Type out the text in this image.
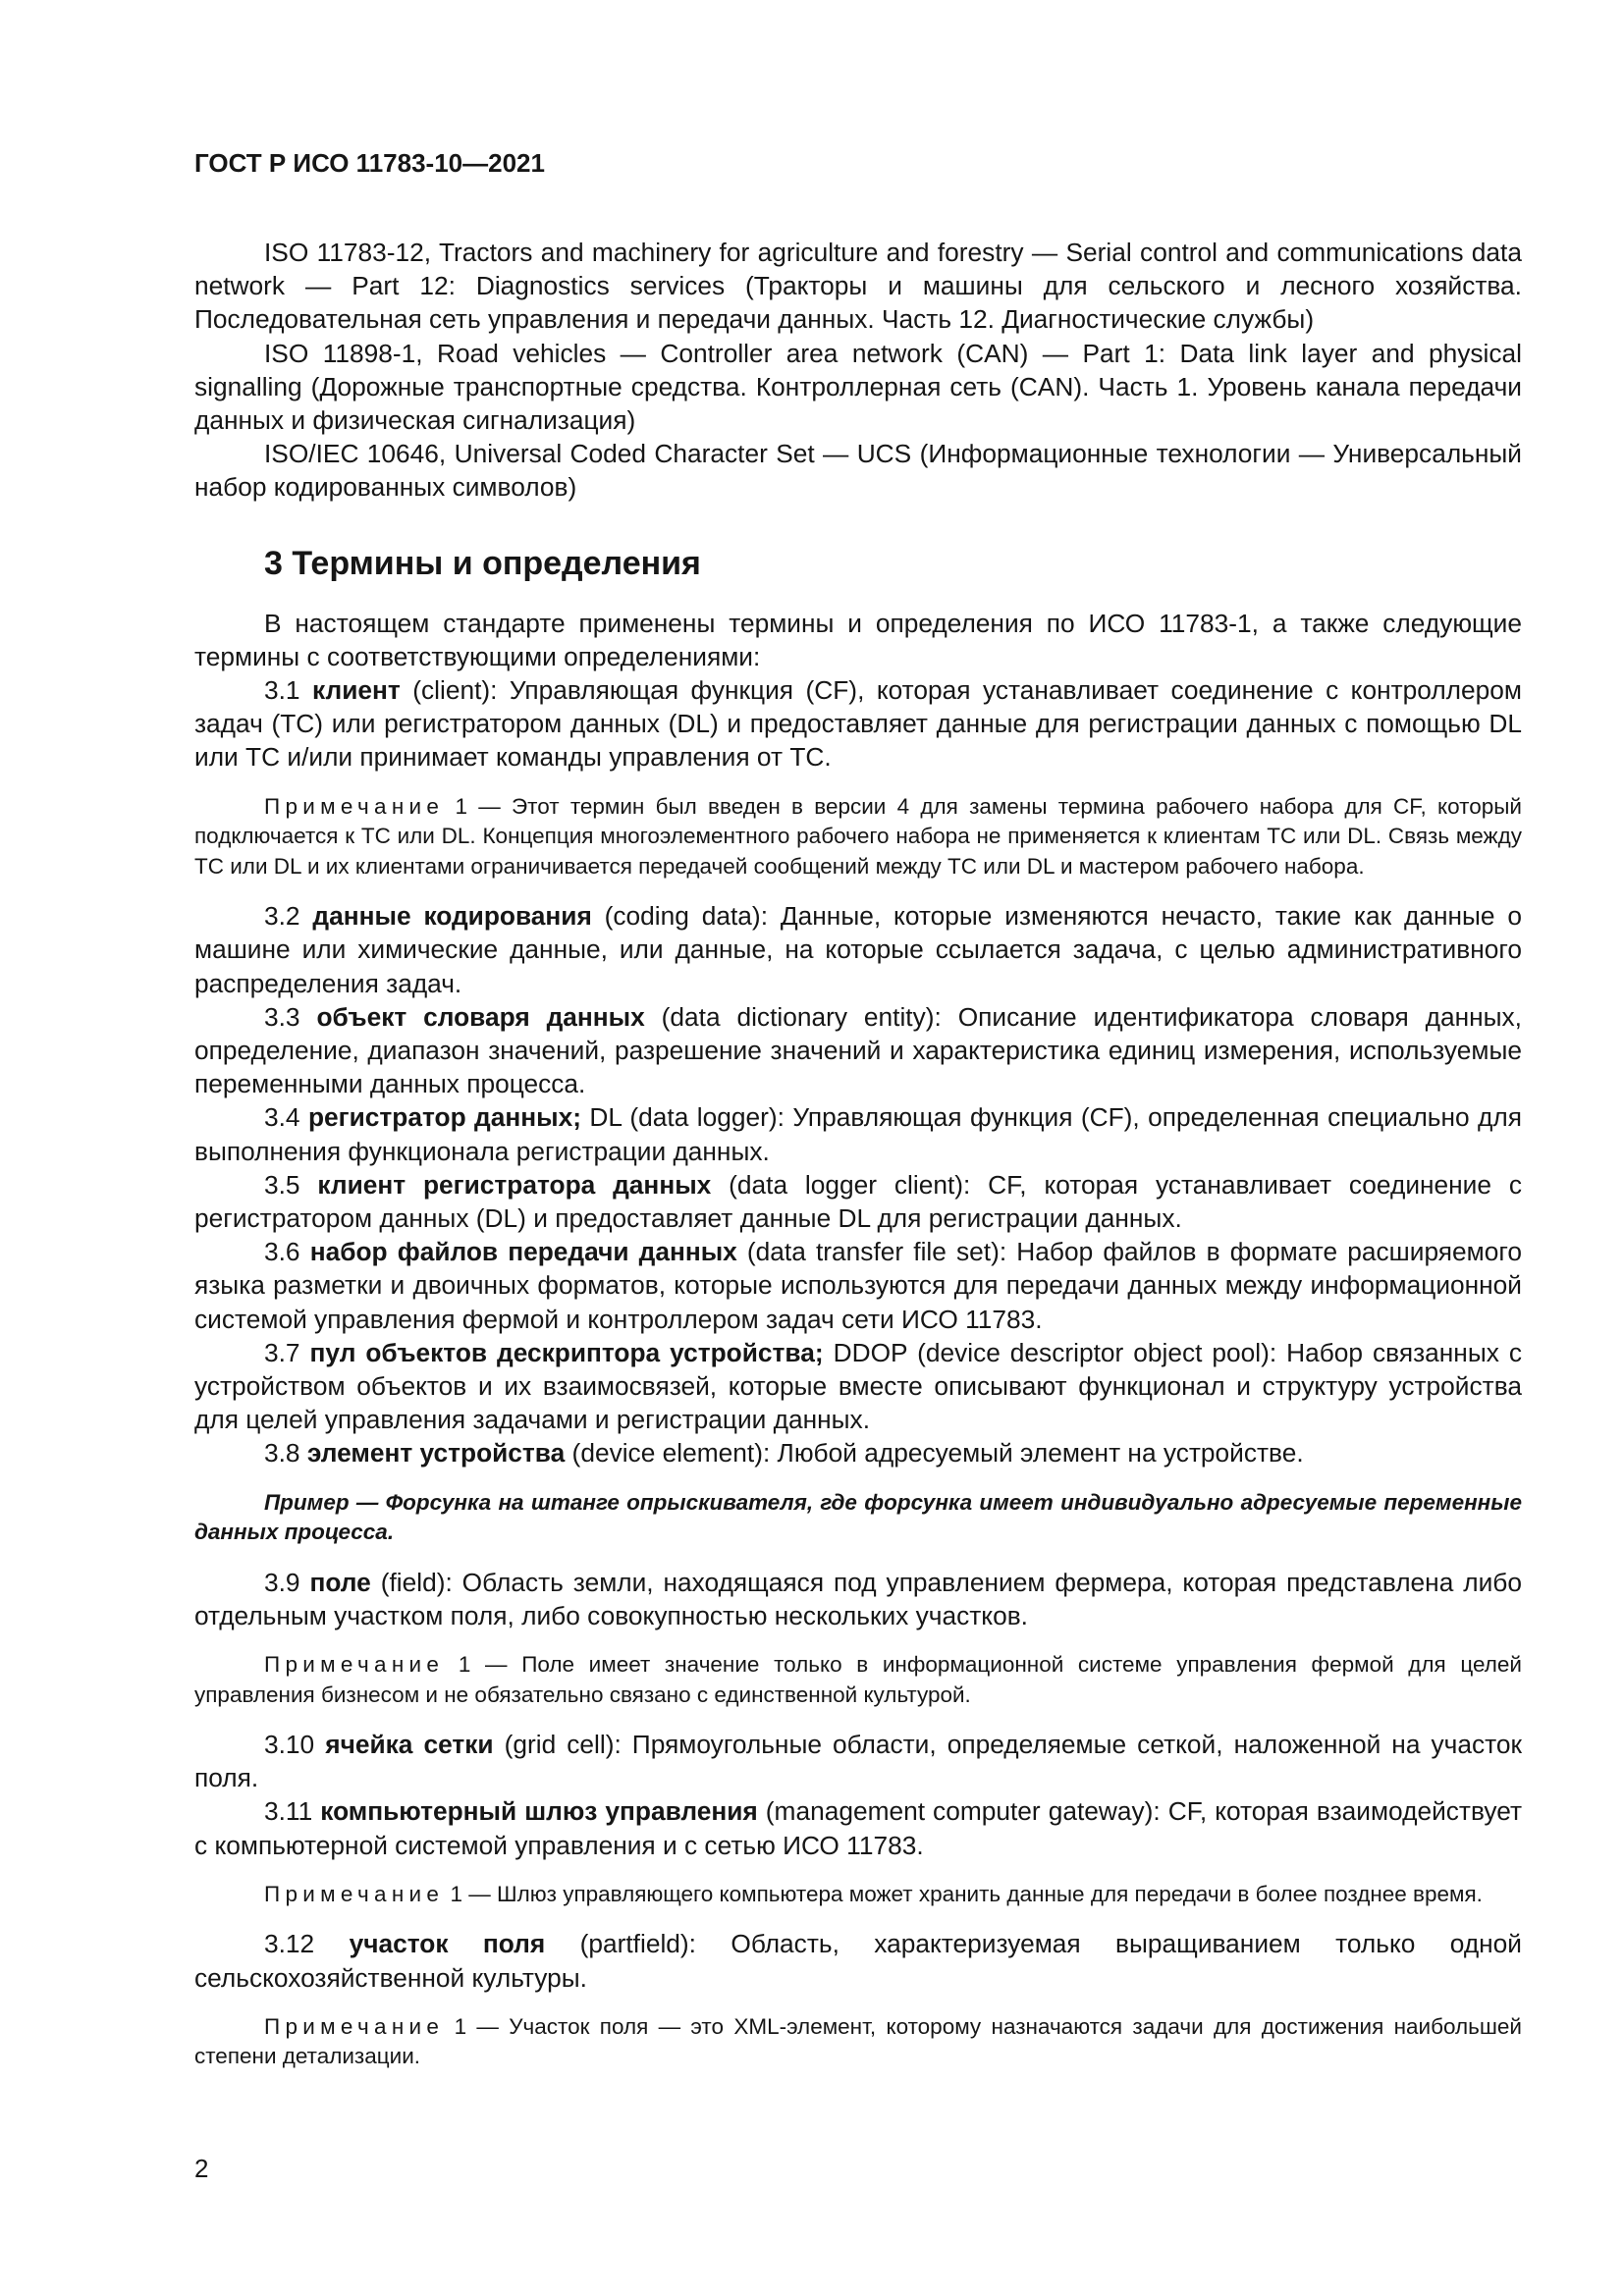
ГОСТ Р ИСО 11783-10—2021

ISO 11783-12, Tractors and machinery for agriculture and forestry — Serial control and communications data network — Part 12: Diagnostics services (Тракторы и машины для сельского и лесного хозяйства. Последовательная сеть управления и передачи данных. Часть 12. Диагностические службы)

ISO 11898-1, Road vehicles — Controller area network (CAN) — Part 1: Data link layer and physical signalling (Дорожные транспортные средства. Контроллерная сеть (CAN). Часть 1. Уровень канала передачи данных и физическая сигнализация)

ISO/IEC 10646, Universal Coded Character Set — UCS (Информационные технологии — Универсальный набор кодированных символов)

3 Термины и определения

В настоящем стандарте применены термины и определения по ИСО 11783-1, а также следующие термины с соответствующими определениями:

3.1 клиент (client): Управляющая функция (CF), которая устанавливает соединение с контроллером задач (TC) или регистратором данных (DL) и предоставляет данные для регистрации данных с помощью DL или TC и/или принимает команды управления от TC.

Примечание 1 — Этот термин был введен в версии 4 для замены термина рабочего набора для CF, который подключается к TC или DL. Концепция многоэлементного рабочего набора не применяется к клиентам TC или DL. Связь между TC или DL и их клиентами ограничивается передачей сообщений между TC или DL и мастером рабочего набора.

3.2 данные кодирования (coding data): Данные, которые изменяются нечасто, такие как данные о машине или химические данные, или данные, на которые ссылается задача, с целью административного распределения задач.

3.3 объект словаря данных (data dictionary entity): Описание идентификатора словаря данных, определение, диапазон значений, разрешение значений и характеристика единиц измерения, используемые переменными данных процесса.

3.4 регистратор данных; DL (data logger): Управляющая функция (CF), определенная специально для выполнения функционала регистрации данных.

3.5 клиент регистратора данных (data logger client): CF, которая устанавливает соединение с регистратором данных (DL) и предоставляет данные DL для регистрации данных.

3.6 набор файлов передачи данных (data transfer file set): Набор файлов в формате расширяемого языка разметки и двоичных форматов, которые используются для передачи данных между информационной системой управления фермой и контроллером задач сети ИСО 11783.

3.7 пул объектов дескриптора устройства; DDOP (device descriptor object pool): Набор связанных с устройством объектов и их взаимосвязей, которые вместе описывают функционал и структуру устройства для целей управления задачами и регистрации данных.

3.8 элемент устройства (device element): Любой адресуемый элемент на устройстве.

Пример — Форсунка на штанге опрыскивателя, где форсунка имеет индивидуально адресуемые переменные данных процесса.

3.9 поле (field): Область земли, находящаяся под управлением фермера, которая представлена либо отдельным участком поля, либо совокупностью нескольких участков.

Примечание 1 — Поле имеет значение только в информационной системе управления фермой для целей управления бизнесом и не обязательно связано с единственной культурой.

3.10 ячейка сетки (grid cell): Прямоугольные области, определяемые сеткой, наложенной на участок поля.

3.11 компьютерный шлюз управления (management computer gateway): CF, которая взаимодействует с компьютерной системой управления и с сетью ИСО 11783.

Примечание 1 — Шлюз управляющего компьютера может хранить данные для передачи в более позднее время.

3.12 участок поля (partfield): Область, характеризуемая выращиванием только одной сельскохозяйственной культуры.

Примечание 1 — Участок поля — это XML-элемент, которому назначаются задачи для достижения наибольшей степени детализации.

2
